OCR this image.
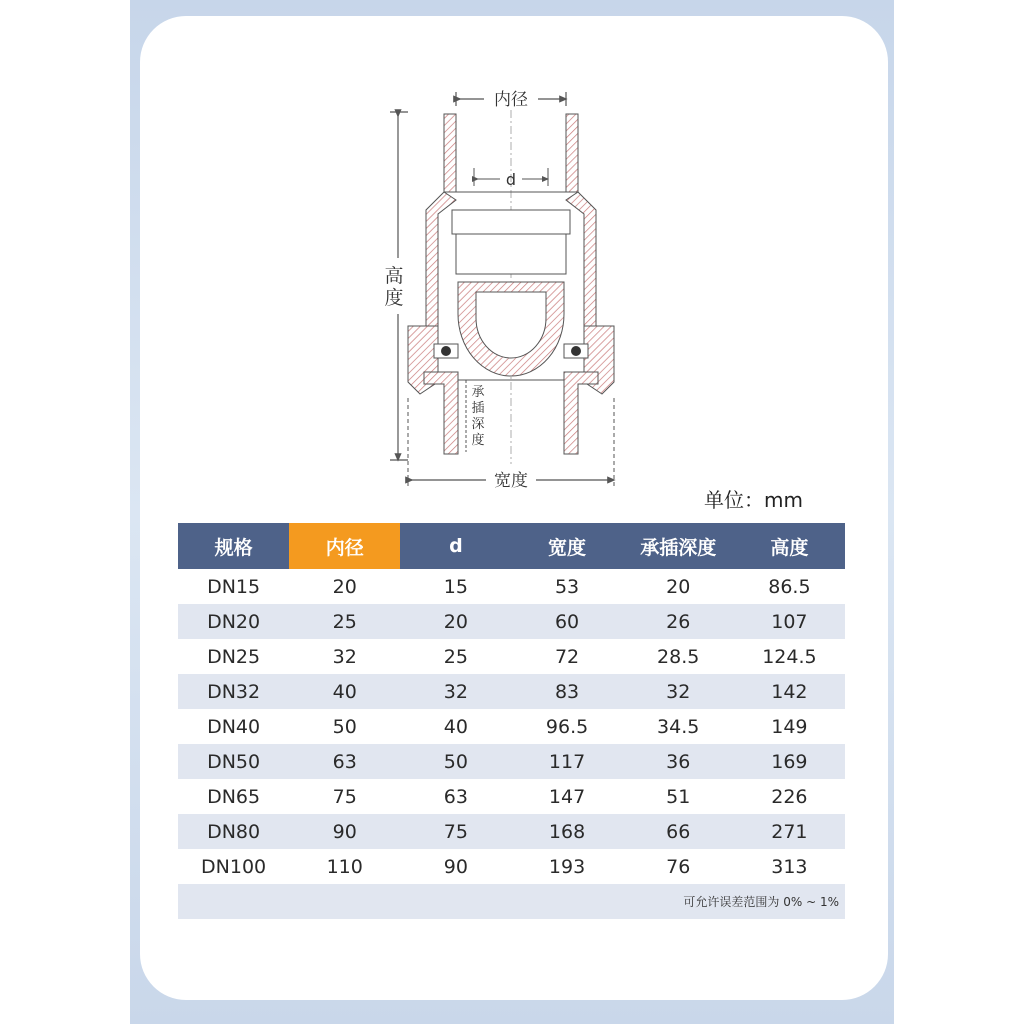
内径
高
度
d
承
插
深
度
宽度
单位：mm
规格	内径	d	宽度	承插深度	高度
DN15	20	15	53	20	86.5
DN20	25	20	60	26	107
DN25	32	25	72	28.5	124.5
DN32	40	32	83	32	142
DN40	50	40	96.5	34.5	149
DN50	63	50	117	36	169
DN65	75	63	147	51	226
DN80	90	75	168	66	271
DN100	110	90	193	76	313
可允许误差范围为 0% ~ 1%					
